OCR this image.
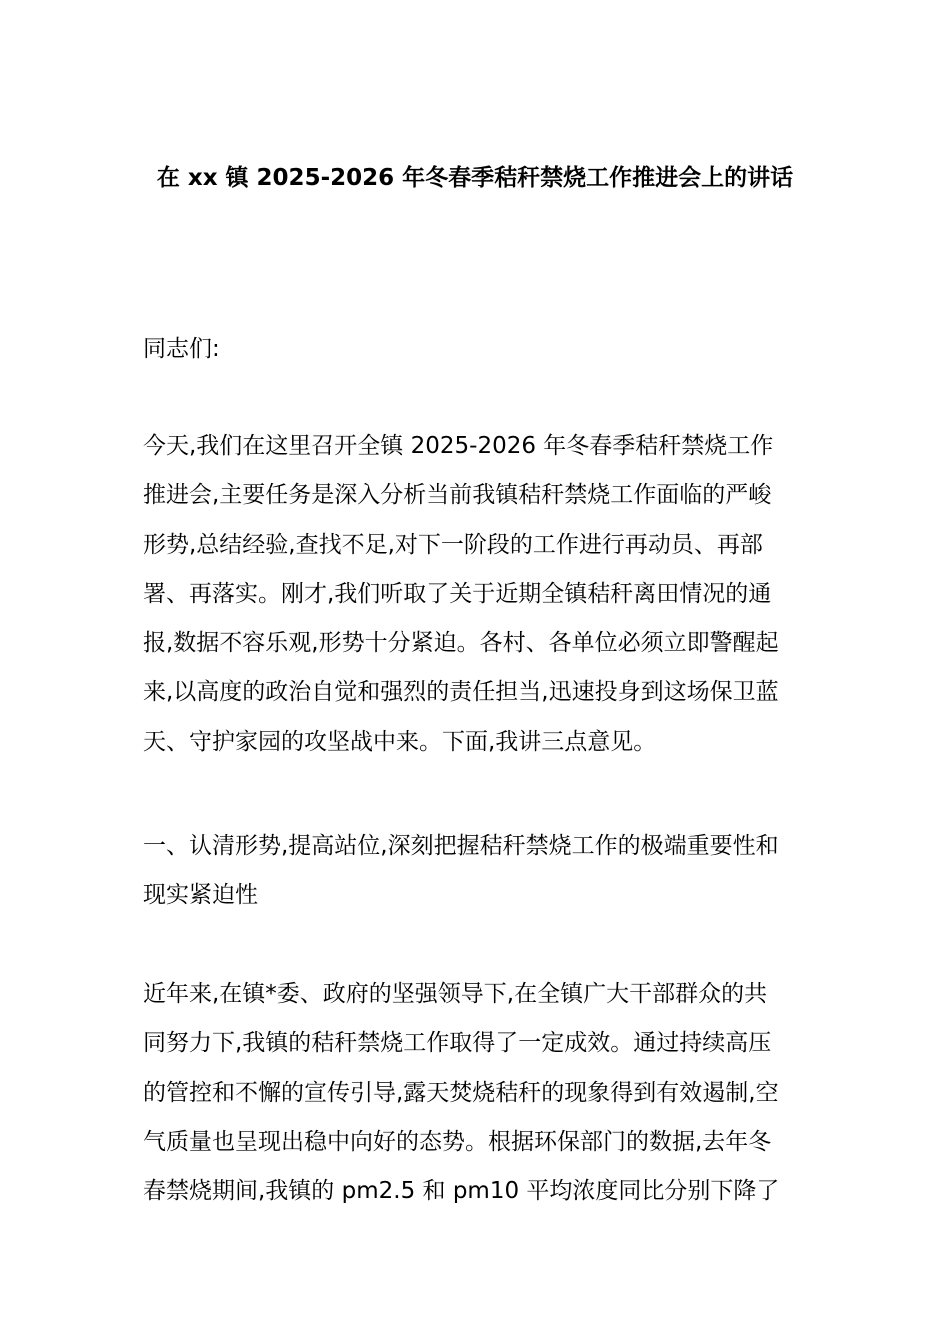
在 xx 镇 2025-2026 年冬春季秸秆禁烧工作推进会上的讲话
同志们:
今天,我们在这里召开全镇 2025-2026 年冬春季秸秆禁烧工作
推进会,主要任务是深入分析当前我镇秸秆禁烧工作面临的严峻
形势,总结经验,查找不足,对下一阶段的工作进行再动员、再部
署、再落实。刚才,我们听取了关于近期全镇秸秆离田情况的通
报,数据不容乐观,形势十分紧迫。各村、各单位必须立即警醒起
来,以高度的政治自觉和强烈的责任担当,迅速投身到这场保卫蓝
天、守护家园的攻坚战中来。下面,我讲三点意见。
一、认清形势,提高站位,深刻把握秸秆禁烧工作的极端重要性和
现实紧迫性
近年来,在镇*委、政府的坚强领导下,在全镇广大干部群众的共
同努力下,我镇的秸秆禁烧工作取得了一定成效。通过持续高压
的管控和不懈的宣传引导,露天焚烧秸秆的现象得到有效遏制,空
气质量也呈现出稳中向好的态势。根据环保部门的数据,去年冬
春禁烧期间,我镇的 pm2.5 和 pm10 平均浓度同比分别下降了
